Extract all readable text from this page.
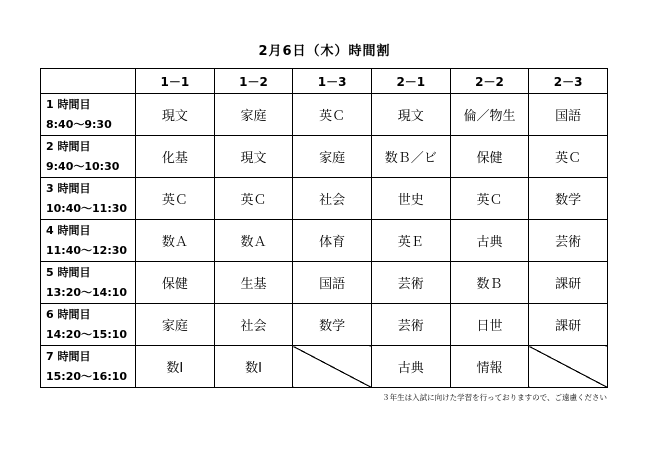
2月6日（木）時間割
	1－1	1－2	1－3	2－1	2－2	2－3

1 時間目
8:40～9:30	現文	家庭	英Ｃ	現文	倫／物生	国語

2 時間目
9:40～10:30	化基	現文	家庭	数Ｂ／ビ	保健	英Ｃ

3 時間目
10:40～11:30	英Ｃ	英Ｃ	社会	世史	英Ｃ	数学

4 時間目
11:40～12:30	数Ａ	数Ａ	体育	英Ｅ	古典	芸術

5 時間目
13:20～14:10	保健	生基	国語	芸術	数Ｂ	課研

6 時間目
14:20～15:10	家庭	社会	数学	芸術	日世	課研

7 時間目
15:20～16:10	数Ⅰ	数Ⅰ		古典	情報	
３年生は入試に向けた学習を行っておりますので、ご遠慮ください
